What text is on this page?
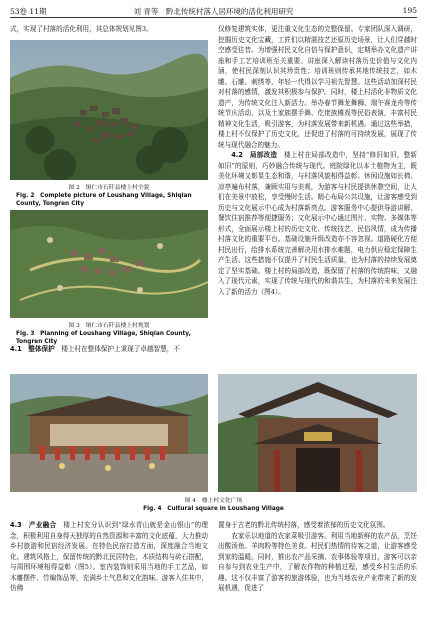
53卷 11期	刘 青等　黔北传统村落人居环境的活化利用研究	195

式，实现了村落的活化利用，其总体规划见图3。

图 2　铜仁市石阡县楼上村全貌
Fig. 2　Complete picture of Loushang Village, Shiqian County, Tongren City
图 3　铜仁市石阡县楼上村规划
Fig. 3　Planning of Loushang Village, Shiqian County, Tongren City

4.1　整体保护　 楼上村在整体保护上秉现了卓越智慧，不

仅修复建筑实体，更注重文化生态的完整保留。专家团队深入调研，挖掘历史文化宝藏，工匠们以精湛技艺还原历史场景，让人们穿越时空感受往昔。为增强村民文化自信与保护意识，定期举办文化遗产讲座和手工艺培训班至关重要。讲座深入解读村落历史价值与文化内涵，使村民深刻认识其珍贵性；培训班则传承其地传统技艺，如木雕、石雕、刺绣等，年轻一代得以学习祖先智慧。这些活动加深村民对村落的感情，激发其积极参与保护。同时，楼上村活化非物质文化遗产，为传统文化注入新活力。举办春节舞龙舞狮、端午赛龙舟等传统节庆活动，以及土家族摆手舞、仡佬族傩戏等民俗表演，丰富村民精神文化生活，吸引游客，为村落发展带来新机遇。通过这些举措，楼上村不仅保护了历史文化，还促进了村落的可持续发展，展现了传统与现代融合的魅力。

4.2　局部改造　 楼上村在局部改造中，坚持“修旧如旧，整新如旧”的原则，巧妙融合传统与现代。庭院绿化以本土植物为主，既美化环境又彰显生态和谐，与村落风貌相得益彰。休闲设施如长椅、凉亭遍布村落，兼顾实用与美观，为游客与村民提供休憩空间，让人们在美景中放松，享受慢时生活。精心布局公共设施，让游客感受到历史与文化展示中心成为村落新亮点。游客服务中心提供导游讲解、餐饮住宿推荐等便捷服务；文化展示中心通过图片、实物、多媒体等形式，全面展示楼上村的历史文化、传统技艺、民俗风情，成为传播村落文化的重要平台。基础设施升级改造亦不容忽视。道路硬化方便村民出行，给排水系统完善解决用水排水难题，电力供应稳定保障生产生活。这些措施不仅提升了村民生活质量，也为村落的持续发展奠定了坚实基础。楼上村的局部改造，既保留了村落的传统韵味，又融入了现代元素，实现了传统与现代的和谐共生，为村落的未来发展注入了新的活力（图4）。

图 4　楼上村文化广场
Fig. 4　Cultural square in Loushang Village

4.3　产业融合　 楼上村充分认识到“绿水青山就是金山银山”的理念，积极利用自身得天独厚的自然资源和丰富的文化底蕴，大力推动乡村旅游和民宿经济发展。在特色民宿打造方面，深度融合当地文化。建筑风格上，保留传统的黔北民居特色，木质结构与砖石搭配，与周围环境相得益彰（图5）。室内装饰则采用当地的手工艺品，如木雕摆件、竹编饰品等，充满乡土气息和文化韵味。游客入住其中，仿佛

置身于古老的黔北传统村落，感受着浓郁的历史文化氛围。

农家乐以地道的农家菜吸引游客。利用当地新鲜的农产品，烹饪出酸汤鱼、羊肉粉等特色美食。村民们热情的待客之道，让游客感受到家的温暖。同时，推出农产品采摘、农事体验等项目，游客可以亲自参与到农业生产中，了解农作物的种植过程，感受乡村生活的乐趣。这不仅丰富了游客的旅游体验，也为当地农业产业带来了新的发展机遇，促进了
